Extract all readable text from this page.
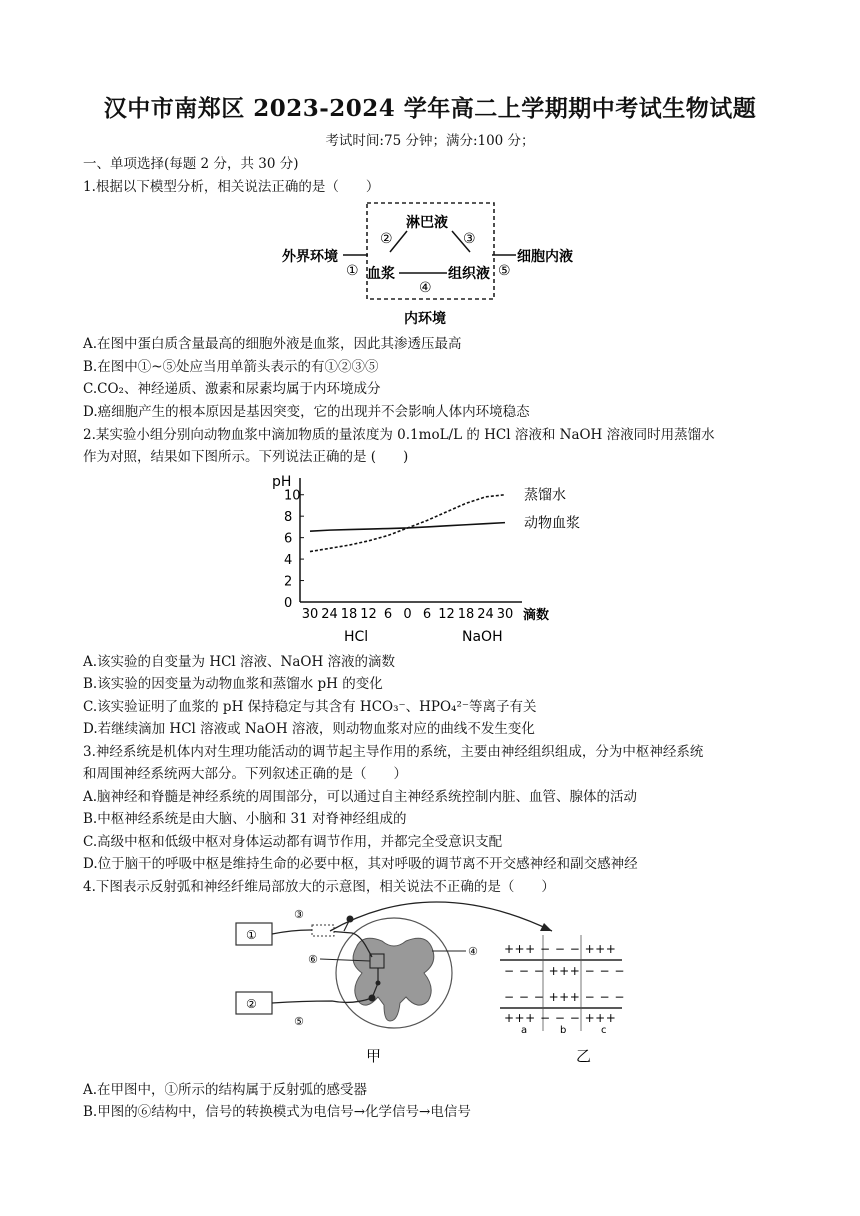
汉中市南郑区 2023-2024 学年高二上学期期中考试生物试题
考试时间:75 分钟；满分:100 分；
一、单项选择(每题 2 分，共 30 分)
1.根据以下模型分析，相关说法正确的是（　　）
淋巴液
血浆	组织液
外界环境	细胞内液
内环境
②	③
④
①	⑤
A.在图中蛋白质含量最高的细胞外液是血浆，因此其渗透压最高
B.在图中①~⑤处应当用单箭头表示的有①②③⑤
C.CO₂、神经递质、激素和尿素均属于内环境成分
D.癌细胞产生的根本原因是基因突变，它的出现并不会影响人体内环境稳态
2.某实验小组分别向动物血浆中滴加物质的量浓度为 0.1moL/L 的 HCl 溶液和 NaOH 溶液同时用蒸馏水
作为对照，结果如下图所示。下列说法正确的是 (　　)
pH
0
2
4
6
8
10
30 24 18 12 6 0 6 12 18 24 30
蒸馏水
动物血浆
滴数
HCl	NaOH
A.该实验的自变量为 HCl 溶液、NaOH 溶液的滴数
B.该实验的因变量为动物血浆和蒸馏水 pH 的变化
C.该实验证明了血浆的 pH 保持稳定与其含有 HCO₃⁻、HPO₄²⁻等离子有关
D.若继续滴加 HCl 溶液或 NaOH 溶液，则动物血浆对应的曲线不发生变化
3.神经系统是机体内对生理功能活动的调节起主导作用的系统，主要由神经组织组成，分为中枢神经系统
和周围神经系统两大部分。下列叙述正确的是（　　）
A.脑神经和脊髓是神经系统的周围部分，可以通过自主神经系统控制内脏、血管、腺体的活动
B.中枢神经系统是由大脑、小脑和 31 对脊神经组成的
C.高级中枢和低级中枢对身体运动都有调节作用，并都完全受意识支配
D.位于脑干的呼吸中枢是维持生命的必要中枢，其对呼吸的调节离不开交感神经和副交感神经
4.下图表示反射弧和神经纤维局部放大的示意图，相关说法不正确的是（　　）
①
②
③
⑥
④
⑤
+++ − − − +++
− − − +++ − − −
− − − +++ − − −
+++ − − − +++
a	b	c
甲	乙
A.在甲图中，①所示的结构属于反射弧的感受器
B.甲图的⑥结构中，信号的转换模式为电信号→化学信号→电信号
